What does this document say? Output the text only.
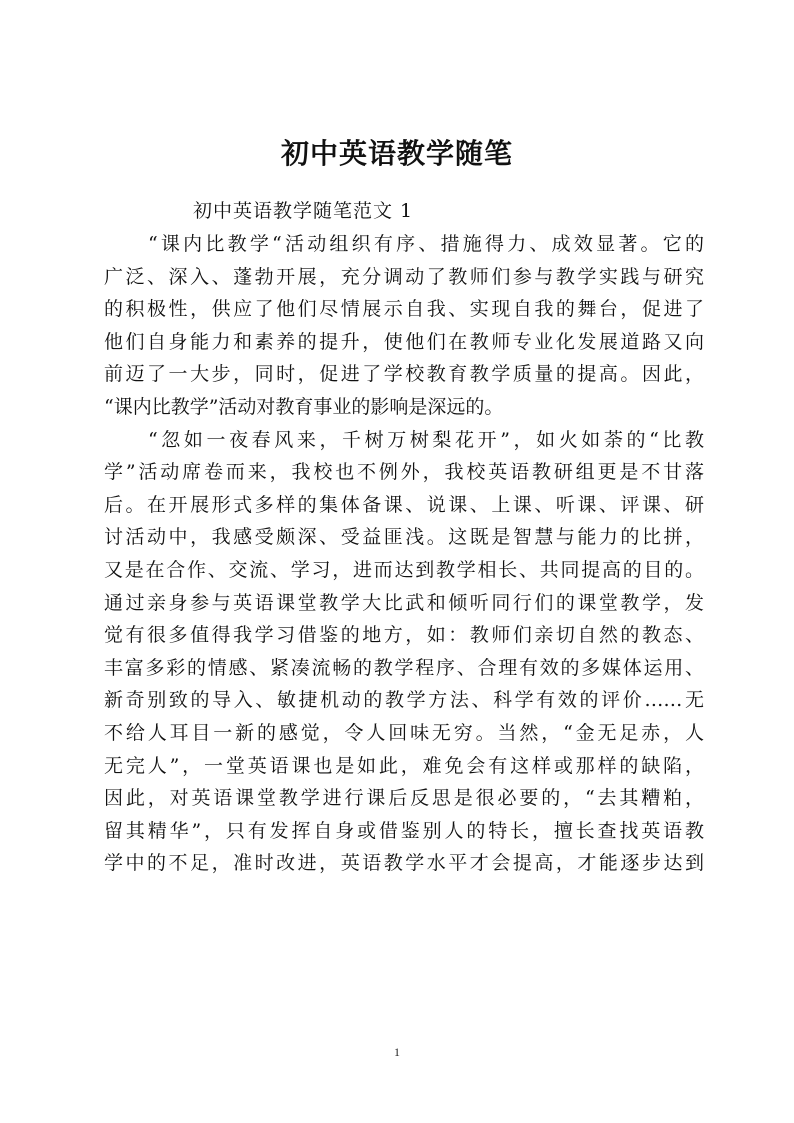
初中英语教学随笔
初中英语教学随笔范文 1
“课内比教学“活动组织有序、措施得力、成效显著。它的
广泛、深入、蓬勃开展，充分调动了教师们参与教学实践与研究
的积极性，供应了他们尽情展示自我、实现自我的舞台，促进了
他们自身能力和素养的提升，使他们在教师专业化发展道路又向
前迈了一大步，同时，促进了学校教育教学质量的提高。因此，
“课内比教学”活动对教育事业的影响是深远的。
“忽如一夜春风来，千树万树梨花开”，如火如荼的“比教
学”活动席卷而来，我校也不例外，我校英语教研组更是不甘落
后。在开展形式多样的集体备课、说课、上课、听课、评课、研
讨活动中，我感受颇深、受益匪浅。这既是智慧与能力的比拼，
又是在合作、交流、学习，进而达到教学相长、共同提高的目的。
通过亲身参与英语课堂教学大比武和倾听同行们的课堂教学，发
觉有很多值得我学习借鉴的地方，如：教师们亲切自然的教态、
丰富多彩的情感、紧凑流畅的教学程序、合理有效的多媒体运用、
新奇别致的导入、敏捷机动的教学方法、科学有效的评价……无
不给人耳目一新的感觉，令人回味无穷。当然，“金无足赤，人
无完人”，一堂英语课也是如此，难免会有这样或那样的缺陷，
因此，对英语课堂教学进行课后反思是很必要的，“去其糟粕，
留其精华”，只有发挥自身或借鉴别人的特长，擅长查找英语教
学中的不足，准时改进，英语教学水平才会提高，才能逐步达到
1
